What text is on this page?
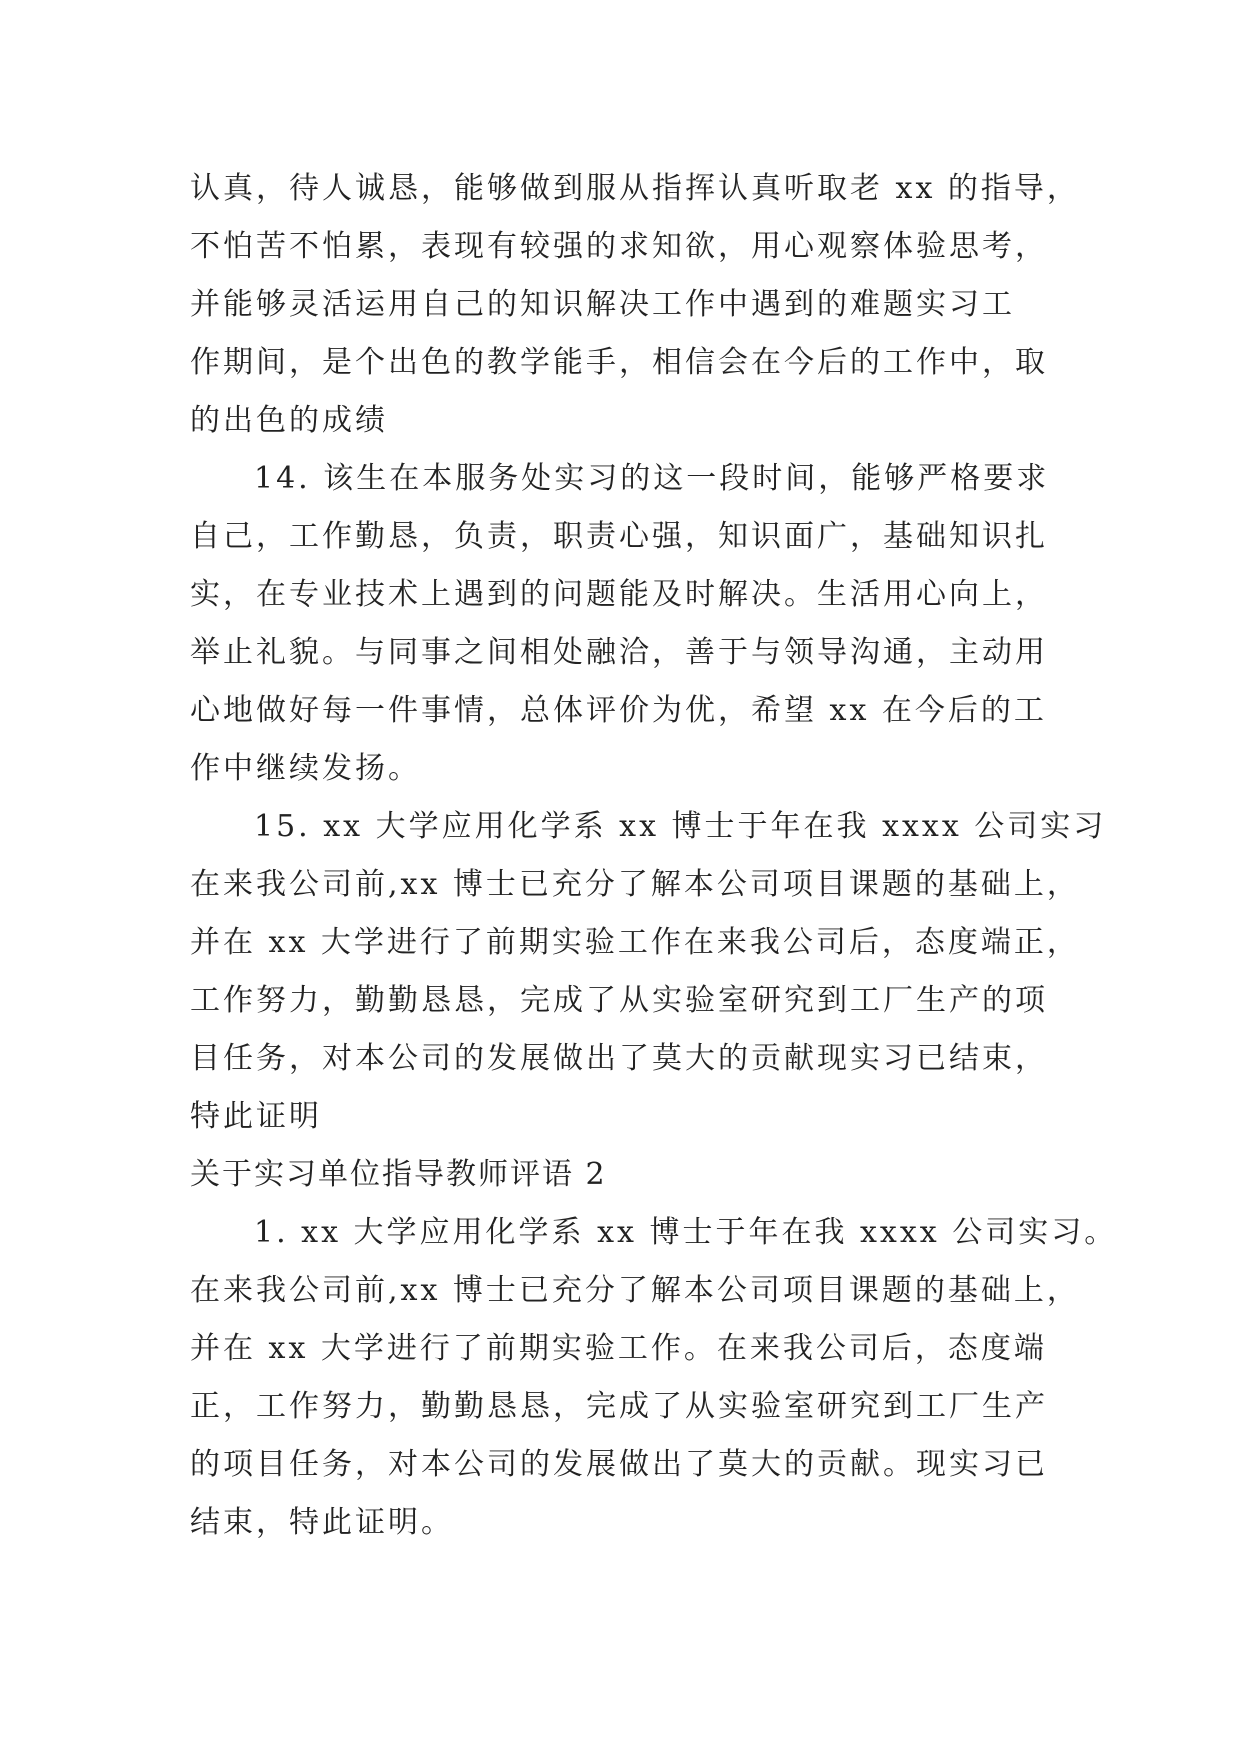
认真，待人诚恳，能够做到服从指挥认真听取老 xx 的指导，
不怕苦不怕累，表现有较强的求知欲，用心观察体验思考，
并能够灵活运用自己的知识解决工作中遇到的难题实习工
作期间，是个出色的教学能手，相信会在今后的工作中，取
的出色的成绩
14. 该生在本服务处实习的这一段时间，能够严格要求
自己，工作勤恳，负责，职责心强，知识面广，基础知识扎
实，在专业技术上遇到的问题能及时解决。生活用心向上，
举止礼貌。与同事之间相处融洽，善于与领导沟通，主动用
心地做好每一件事情，总体评价为优，希望 xx 在今后的工
作中继续发扬。
15. xx 大学应用化学系 xx 博士于年在我 xxxx 公司实习
在来我公司前,xx 博士已充分了解本公司项目课题的基础上，
并在 xx 大学进行了前期实验工作在来我公司后，态度端正，
工作努力，勤勤恳恳，完成了从实验室研究到工厂生产的项
目任务，对本公司的发展做出了莫大的贡献现实习已结束，
特此证明
关于实习单位指导教师评语 2
1. xx 大学应用化学系 xx 博士于年在我 xxxx 公司实习。
在来我公司前,xx 博士已充分了解本公司项目课题的基础上，
并在 xx 大学进行了前期实验工作。在来我公司后，态度端
正，工作努力，勤勤恳恳，完成了从实验室研究到工厂生产
的项目任务，对本公司的发展做出了莫大的贡献。现实习已
结束，特此证明。
